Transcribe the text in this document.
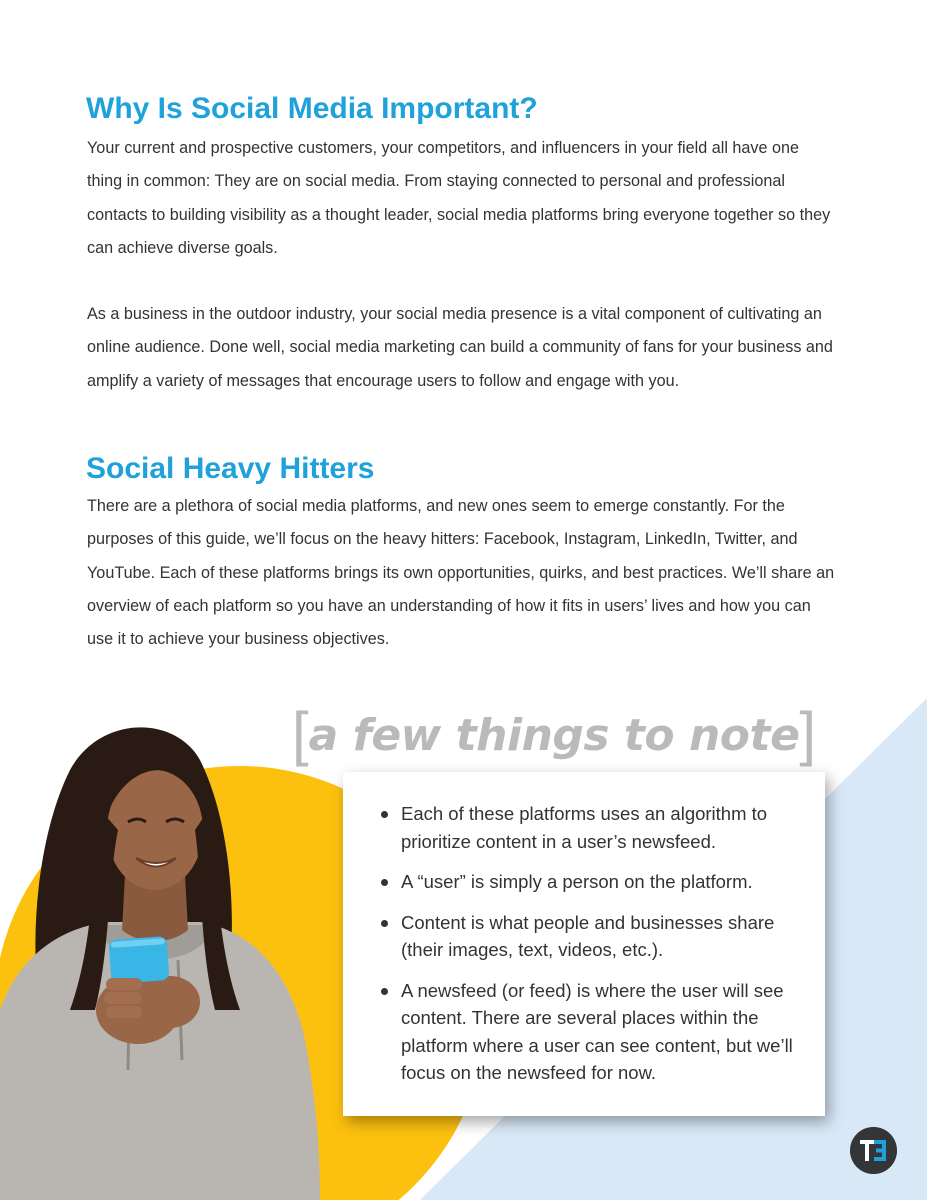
Why Is Social Media Important?

Your current and prospective customers, your competitors, and influencers in your field all have one thing in common: They are on social media. From staying connected to personal and professional contacts to building visibility as a thought leader, social media platforms bring everyone together so they can achieve diverse goals.

As a business in the outdoor industry, your social media presence is a vital component of cultivating an online audience. Done well, social media marketing can build a community of fans for your business and amplify a variety of messages that encourage users to follow and engage with you.

Social Heavy Hitters

There are a plethora of social media platforms, and new ones seem to emerge constantly. For the purposes of this guide, we’ll focus on the heavy hitters: Facebook, Instagram, LinkedIn, Twitter, and YouTube. Each of these platforms brings its own opportunities, quirks, and best practices. We’ll share an overview of each platform so you have an understanding of how it fits in users’ lives and how you can use it to achieve your business objectives.

[a few things to note]
Each of these platforms uses an algorithm to prioritize content in a user’s newsfeed.
A “user” is simply a person on the platform.
Content is what people and businesses share (their images, text, videos, etc.).
A newsfeed (or feed) is where the user will see content. There are several places within the platform where a user can see content, but we’ll focus on the newsfeed for now.
